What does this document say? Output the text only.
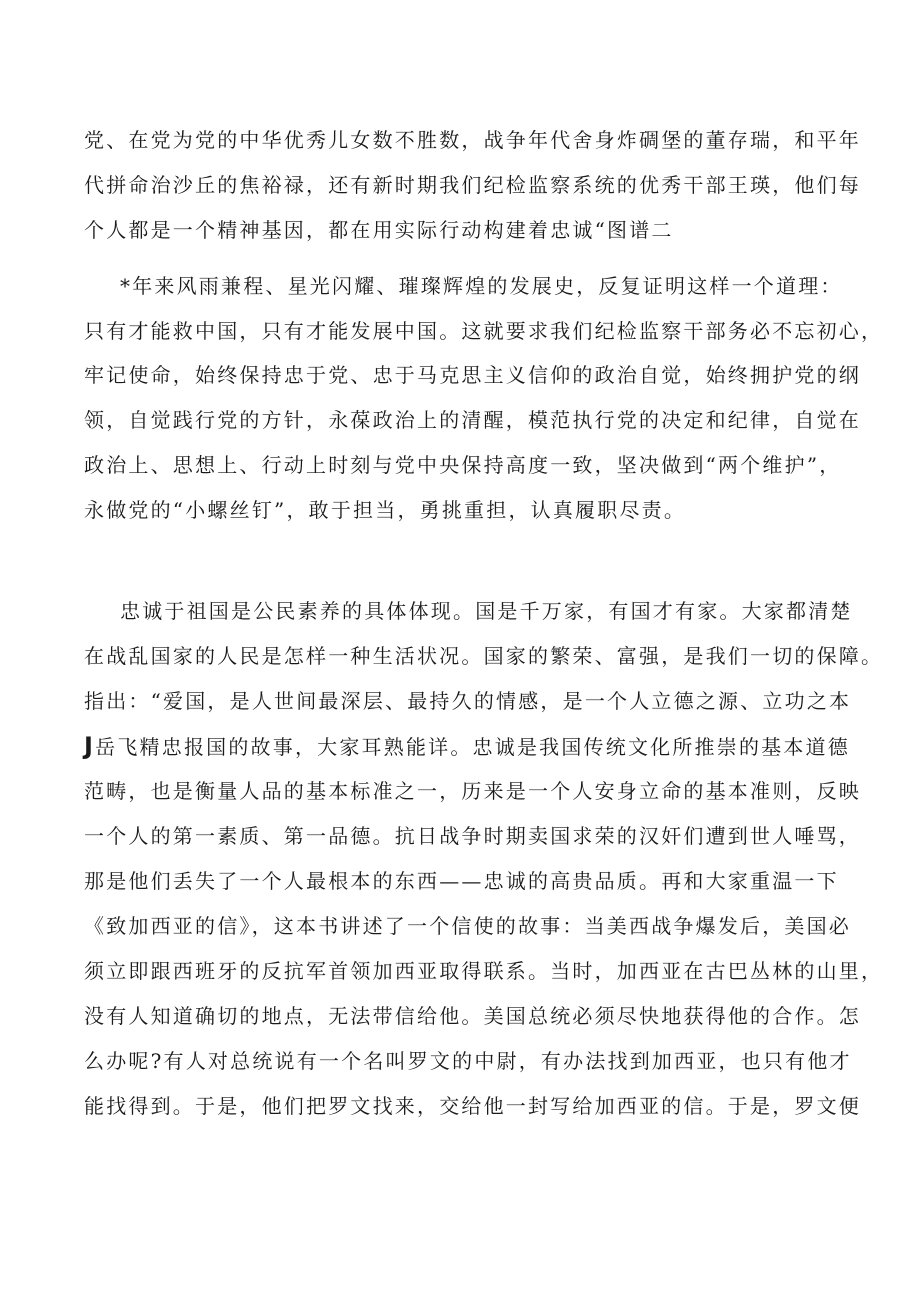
党、在党为党的中华优秀儿女数不胜数，战争年代舍身炸碉堡的董存瑞，和平年
代拼命治沙丘的焦裕禄，还有新时期我们纪检监察系统的优秀干部王瑛，他们每
个人都是一个精神基因，都在用实际行动构建着忠诚“图谱二
*年来风雨兼程、星光闪耀、璀璨辉煌的发展史，反复证明这样一个道理：
只有才能救中国，只有才能发展中国。这就要求我们纪检监察干部务必不忘初心，
牢记使命，始终保持忠于党、忠于马克思主义信仰的政治自觉，始终拥护党的纲
领，自觉践行党的方针，永葆政治上的清醒，模范执行党的决定和纪律，自觉在
政治上、思想上、行动上时刻与党中央保持高度一致，坚决做到“两个维护”，
永做党的“小螺丝钉”，敢于担当，勇挑重担，认真履职尽责。
忠诚于祖国是公民素养的具体体现。国是千万家，有国才有家。大家都清楚
在战乱国家的人民是怎样一种生活状况。国家的繁荣、富强，是我们一切的保障。
指出：“爱国，是人世间最深层、最持久的情感，是一个人立德之源、立功之本
J岳飞精忠报国的故事，大家耳熟能详。忠诚是我国传统文化所推崇的基本道德
范畴，也是衡量人品的基本标准之一，历来是一个人安身立命的基本准则，反映
一个人的第一素质、第一品德。抗日战争时期卖国求荣的汉奸们遭到世人唾骂，
那是他们丢失了一个人最根本的东西——忠诚的高贵品质。再和大家重温一下
《致加西亚的信》，这本书讲述了一个信使的故事：当美西战争爆发后，美国必
须立即跟西班牙的反抗军首领加西亚取得联系。当时，加西亚在古巴丛林的山里，
没有人知道确切的地点，无法带信给他。美国总统必须尽快地获得他的合作。怎
么办呢?有人对总统说有一个名叫罗文的中尉，有办法找到加西亚，也只有他才
能找得到。于是，他们把罗文找来，交给他一封写给加西亚的信。于是，罗文便
